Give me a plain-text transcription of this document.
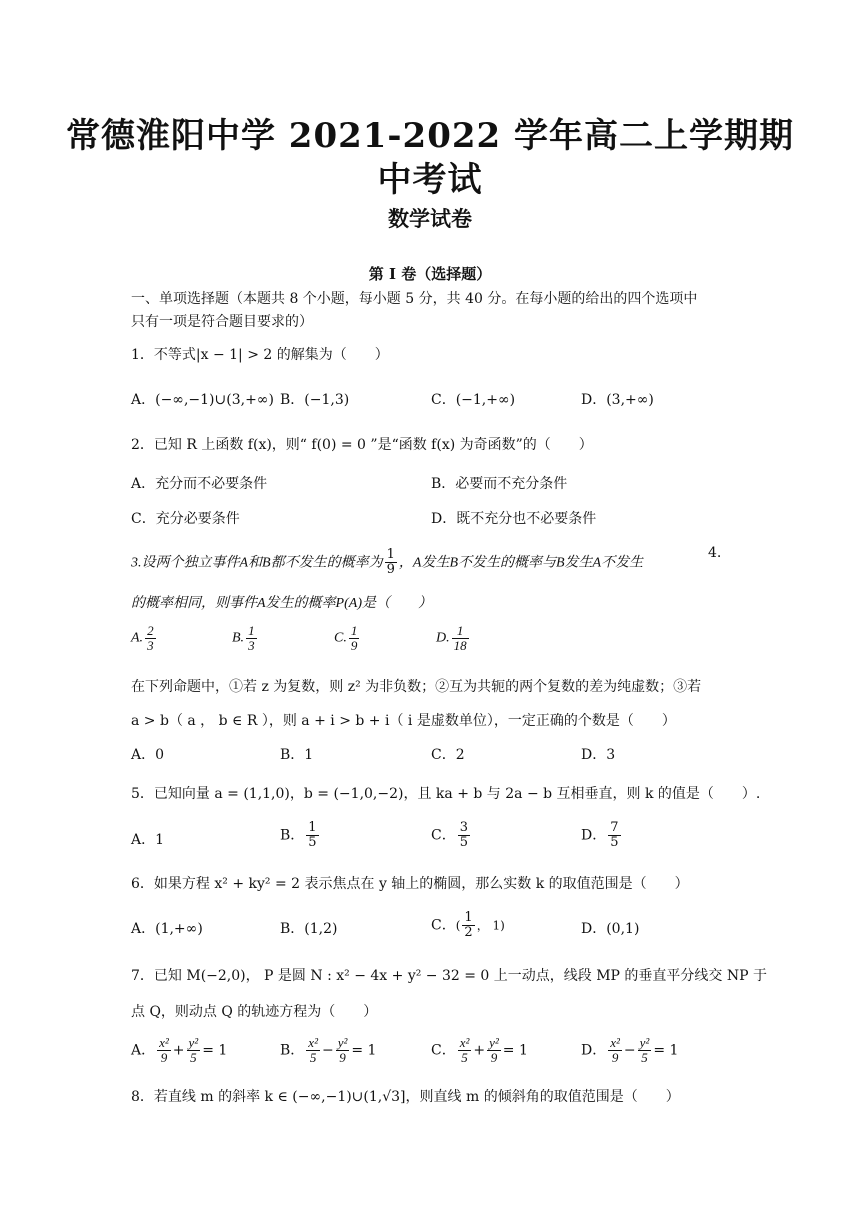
常德淮阳中学 2021-2022 学年高二上学期期
中考试
数学试卷
第 I 卷（选择题）
一、单项选择题（本题共 8 个小题，每小题 5 分，共 40 分。在每小题的给出的四个选项中
只有一项是符合题目要求的）
1．不等式|x − 1| > 2 的解集为（　　）
A．(−∞,−1)∪(3,+∞) B．(−1,3)	C．(−1,+∞)	D．(3,+∞)
2．已知 R 上函数 f(x)，则“ f(0) = 0 ”是“函数 f(x) 为奇函数”的（　　）
A．充分而不必要条件	B．必要而不充分条件
C．充分必要条件	D．既不充分也不必要条件
3.设两个独立事件A和B都不发生的概率为 $\frac{1}{9}$ ，A发生B不发生的概率与B发生A不发生
4.
的概率相同，则事件A发生的概率P(A)是（　　）
A. $\frac{2}{3}$	B. $\frac{1}{3}$	C. $\frac{1}{9}$	D. $\frac{1}{18}$
在下列命题中，①若 z 为复数，则 z² 为非负数；②互为共轭的两个复数的差为纯虚数；③若
a > b（ a ， b ∈ R ），则 a + i > b + i（ i 是虚数单位），一定正确的个数是（　　）
A．0	B．1	C．2	D．3
5．已知向量 a = (1,1,0)，b = (−1,0,−2)，且 ka + b 与 2a − b 互相垂直，则 k 的值是（　　）.
A．1	B． $\frac{1}{5}$	C． $\frac{3}{5}$	D． $\frac{7}{5}$
6．如果方程 x² + ky² = 2 表示焦点在 y 轴上的椭圆，那么实数 k 的取值范围是（　　）
A．(1,+∞)	B．(1,2)	C．( $\frac{1}{2}$ ， 1)	D．(0,1)
7．已知 M(−2,0)， P 是圆 N : x² − 4x + y² − 32 = 0 上一动点，线段 MP 的垂直平分线交 NP 于
点 Q，则动点 Q 的轨迹方程为（　　）
A． $\frac{\text{x²}}{9} + \frac{\text{y²}}{5} = 1$	B． $\frac{\text{x²}}{5} - \frac{\text{y²}}{9} = 1$	C． $\frac{\text{x²}}{5} + \frac{\text{y²}}{9} = 1$	D． $\frac{\text{x²}}{9} - \frac{\text{y²}}{5} = 1$
8．若直线 m 的斜率 k ∈ (−∞,−1)∪(1,√3]，则直线 m 的倾斜角的取值范围是（　　）
